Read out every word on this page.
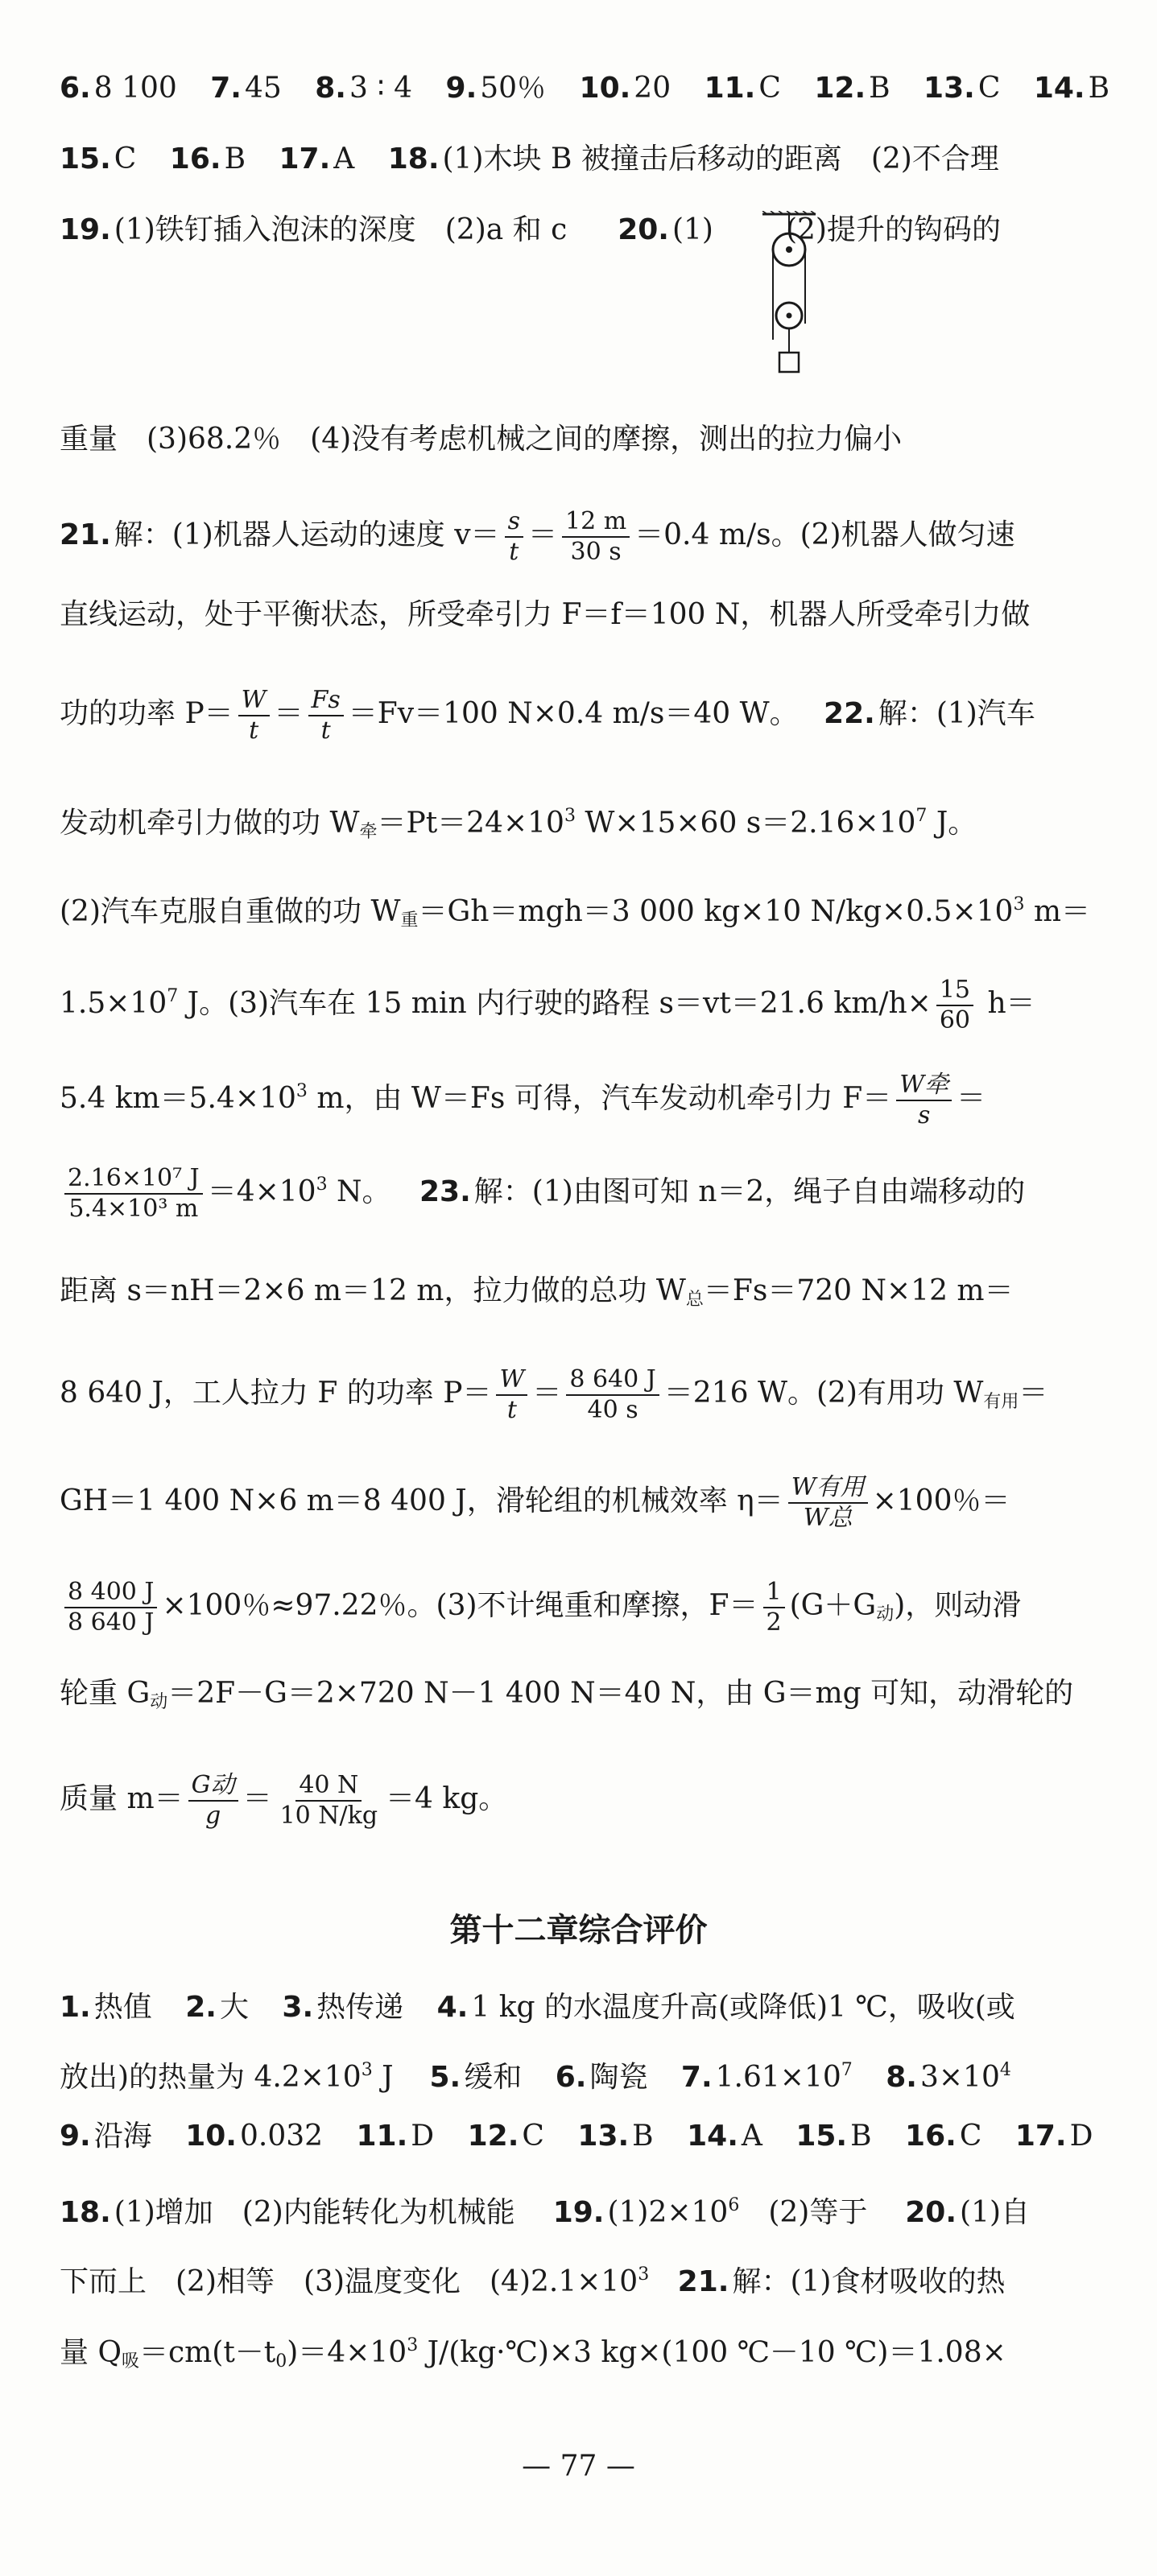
6. 8 100 7. 45 8. 3 ∶ 4 9. 50％ 10. 20 11. C 12. B 13. C 14. B
15. C 16. B 17. A 18. (1)木块 B 被撞击后移动的距离　(2)不合理
19. (1)铁钉插入泡沫的深度　(2)a 和 c 20. (1)	(2)提升的钩码的
重量　(3)68.2％　(4)没有考虑机械之间的摩擦，测出的拉力偏小
21. 解：(1)机器人运动的速度 $v= \frac{s}{t} = \frac{12 m}{30 s} =0.4$ m/s。(2)机器人做匀速
直线运动，处于平衡状态，所受牵引力 F＝f＝100 N，机器人所受牵引力做
功的功率 $P= \frac{W}{t} = \frac{Fs}{t} =Fv=100$ N×0.4 m/s＝40 W。 22. 解：(1)汽车
发动机牵引力做的功 $W_牵=Pt=24\times 10^3$ W×15×60 $s=2.16\times 10^7$ J。
(2)汽车克服自重做的功 $W_重=Gh=mgh=3$ 000 kg×10 $N/kg\times 0.5\times 10^3$ m＝
$1.5\times 10^7$ J。(3)汽车在 15 min 内行驶的路程 s＝vt＝21.6 $km/h\times \frac{15}{60} h=$
5.4 $km=5.4\times 10^3$ m，由 W＝Fs 可得，汽车发动机牵引力 $F= \frac{\text{W牵}}{s}$ ＝
$\frac{\text{2.16×10⁷ J}}{\text{5.4×10³ m}} =4\times 10^3$ N。 23. 解：(1)由图可知 n＝2，绳子自由端移动的
距离 s＝nH＝2×6 m＝12 m，拉力做的总功 $W_总=Fs=720$ N×12 m＝
8 640 J，工人拉力 F 的功率 $P= \frac{W}{t} = \frac{8 640 J}{40 s} =216$ W。(2)有用功 $W_{有用}=$
GH＝1 400 N×6 m＝8 400 J，滑轮组的机械效率 $\eta= \frac{\text{W有用}}{\text{W总}} \times 100$％＝
$\frac{8 400 J}{8 640 J} \times 100$％≈97.22％。(3)不计绳重和摩擦，$F= \frac{1}{2} (G+G_动)$，则动滑
轮重 $G_动=2F-G=2\times 720$ N－1 400 N＝40 N，由 G＝mg 可知，动滑轮的
质量 $m= \frac{\text{G动}}{g} = \frac{40 N}{10 N/kg} =4$ kg。
第十二章综合评价
1. 热值 2. 大 3. 热传递 4. 1 kg 的水温度升高(或降低)1 ℃，吸收(或
放出)的热量为 $4.2\times 10^3$ J 5. 缓和 6. 陶瓷 7. $1.61\times 10^7$ 8. $3\times 10^4$
9. 沿海 10. 0.032 11. D 12. C 13. B 14. A 15. B 16. C 17. D
18. (1)增加　(2)内能转化为机械能 19. $(1)2\times 10^6$　(2)等于 20. (1)自
下而上　(2)相等　(3)温度变化　$(4)2.1\times 10^3$ 21. 解：(1)食材吸收的热
量 $Q_吸=cm(t-t_0)=4\times 10^3$ J/(kg·℃)×3 kg×(100 ℃－10 ℃)＝1.08×
— 77 —
